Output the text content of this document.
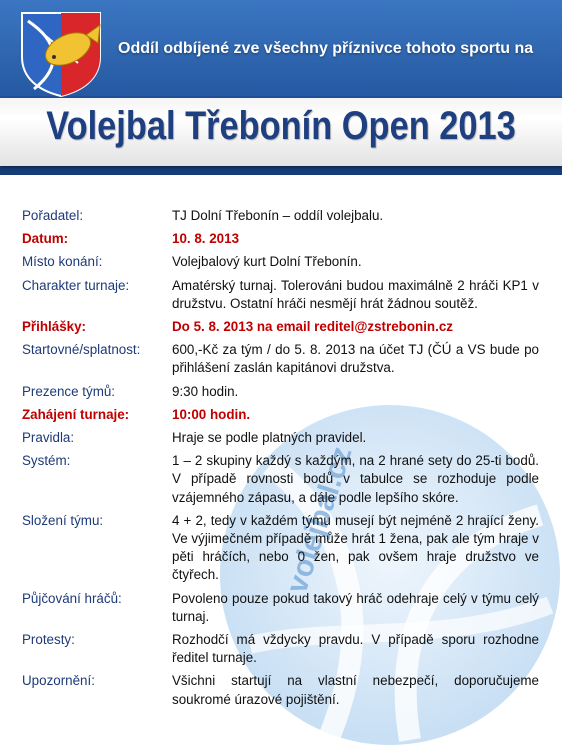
Oddíl odbíjené zve všechny příznivce tohoto sportu na
Volejbal Třebonín Open 2013
volejbal.cz
Pořadatel:	TJ Dolní Třebonín – oddíl volejbalu.
Datum:	10. 8. 2013
Místo konání:	Volejbalový kurt Dolní Třebonín.
Charakter turnaje:	Amatérský turnaj. Tolerováni budou maximálně 2 hráči KP1 v družstvu. Ostatní hráči nesmějí hrát žádnou soutěž.
Přihlášky:	Do 5. 8. 2013 na email reditel@zstrebonin.cz
Startovné/splatnost:	600,-Kč za tým / do 5. 8. 2013 na účet TJ (ČÚ a VS bude po přihlášení zaslán kapitánovi družstva.
Prezence týmů:	9:30 hodin.
Zahájení turnaje:	10:00 hodin.
Pravidla:	Hraje se podle platných pravidel.
Systém:	1 – 2 skupiny každý s každým, na 2 hrané sety do 25-ti bodů. V případě rovnosti bodů v tabulce se rozhoduje podle vzájemného zápasu, a dále podle lepšího skóre.
Složení týmu:	4 + 2, tedy v každém týmu musejí být nejméně 2 hrající ženy. Ve výjimečném případě může hrát 1 žena, pak ale tým hraje v pěti hráčích, nebo 0 žen, pak ovšem hraje družstvo ve čtyřech.
Půjčování hráčů:	Povoleno pouze pokud takový hráč odehraje celý v týmu celý turnaj.
Protesty:	Rozhodčí má vždycky pravdu. V případě sporu rozhodne ředitel turnaje.
Upozornění:	Všichni startují na vlastní nebezpečí, doporučujeme soukromé úrazové pojištění.
